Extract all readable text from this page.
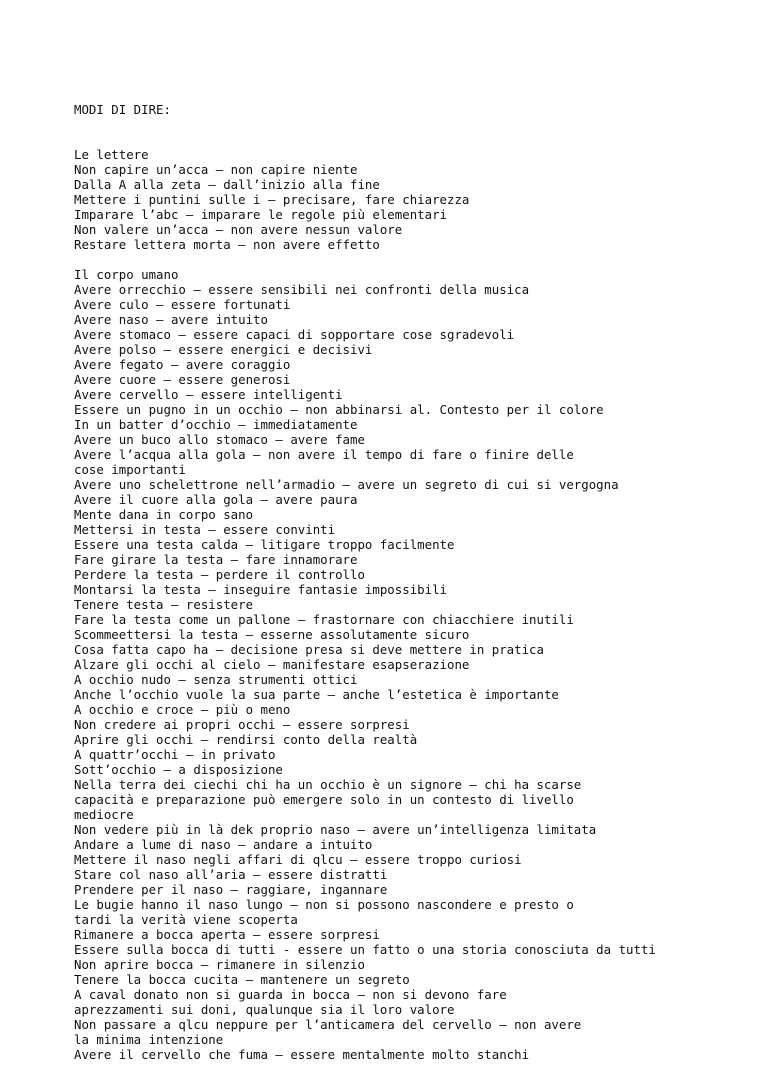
MODI DI DIRE:

Le lettere
Non capire un’acca – non capire niente
Dalla A alla zeta – dall’inizio alla fine
Mettere i puntini sulle i – precisare, fare chiarezza
Imparare l’abc – imparare le regole più elementari
Non valere un’acca – non avere nessun valore
Restare lettera morta – non avere effetto
Il corpo umano
Avere orrecchio – essere sensibili nei confronti della musica
Avere culo – essere fortunati
Avere naso – avere intuito
Avere stomaco – essere capaci di sopportare cose sgradevoli
Avere polso – essere energici e decisivi
Avere fegato – avere coraggio
Avere cuore – essere generosi
Avere cervello – essere intelligenti
Essere un pugno in un occhio – non abbinarsi al. Contesto per il colore
In un batter d’occhio – immediatamente
Avere un buco allo stomaco – avere fame
Avere l’acqua alla gola – non avere il tempo di fare o finire delle
cose importanti
Avere uno schelettrone nell’armadio – avere un segreto di cui si vergogna
Avere il cuore alla gola – avere paura
Mente dana in corpo sano
Mettersi in testa – essere convinti
Essere una testa calda – litigare troppo facilmente
Fare girare la testa – fare innamorare
Perdere la testa – perdere il controllo
Montarsi la testa – inseguire fantasie impossibili
Tenere testa – resistere
Fare la testa come un pallone – frastornare con chiacchiere inutili
Scommeettersi la testa – esserne assolutamente sicuro
Cosa fatta capo ha – decisione presa si deve mettere in pratica
Alzare gli occhi al cielo – manifestare esapserazione
A occhio nudo – senza strumenti ottici
Anche l’occhio vuole la sua parte – anche l’estetica è importante
A occhio e croce – più o meno
Non credere ai propri occhi – essere sorpresi
Aprire gli occhi – rendirsi conto della realtà
A quattr’occhi – in privato
Sott’occhio – a disposizione
Nella terra dei ciechi chi ha un occhio è un signore – chi ha scarse
capacità e preparazione può emergere solo in un contesto di livello
mediocre
Non vedere più in là dek proprio naso – avere un’intelligenza limitata
Andare a lume di naso – andare a intuito
Mettere il naso negli affari di qlcu – essere troppo curiosi
Stare col naso all’aria – essere distratti
Prendere per il naso – raggiare, ingannare
Le bugie hanno il naso lungo – non si possono nascondere e presto o
tardi la verità viene scoperta
Rimanere a bocca aperta – essere sorpresi
Essere sulla bocca di tutti - essere un fatto o una storia conosciuta da tutti
Non aprire bocca – rimanere in silenzio
Tenere la bocca cucita – mantenere un segreto
A caval donato non si guarda in bocca – non si devono fare
aprezzamenti sui doni, qualunque sia il loro valore
Non passare a qlcu neppure per l’anticamera del cervello – non avere
la minima intenzione
Avere il cervello che fuma – essere mentalmente molto stanchi
